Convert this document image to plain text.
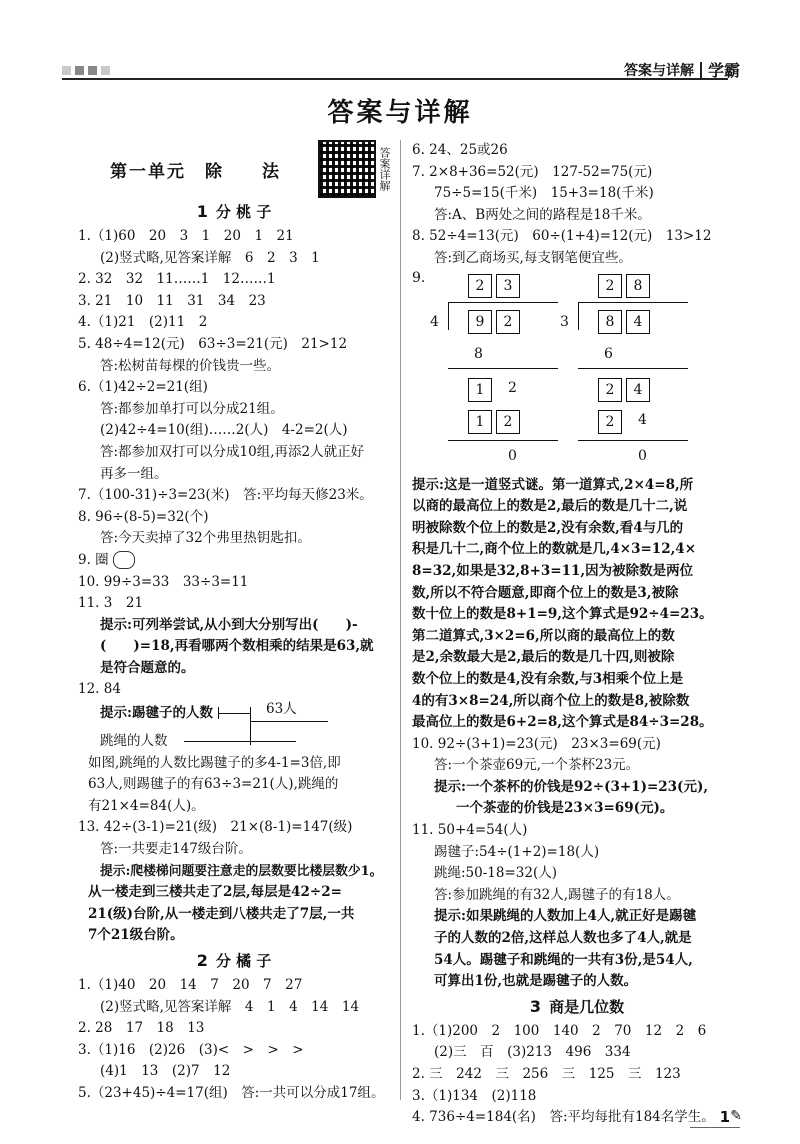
答案与详解 学霸
答案与详解
第一单元　除　　法	答案详解
1 分 桃 子
1.（1)60　20　3　1　20　1　21
(2)竖式略,见答案详解　6　2　3　1
2. 32　32　11……1　12……1
3. 21　10　11　31　34　23
4.（1)21　(2)11　2
5. 48÷4=12(元)　63÷3=21(元)　21>12
答:松树苗每棵的价钱贵一些。
6.（1)42÷2=21(组)
答:都参加单打可以分成21组。
(2)42÷4=10(组)……2(人)　4-2=2(人)
答:都参加双打可以分成10组,再添2人就正好
再多一组。
7.（100-31)÷3=23(米)　答:平均每天修23米。
8. 96÷(8-5)=32(个)
答:今天卖掉了32个弗里热钥匙扣。
9. 圈
10. 99÷3=33　33÷3=11
11. 3　21
提示:可列举尝试,从小到大分别写出(　　)-
(　　)=18,再看哪两个数相乘的结果是63,就
是符合题意的。
12. 84
提示:踢毽子的人数	63人
跳绳的人数
如图,跳绳的人数比踢毽子的多4-1=3倍,即
63人,则踢毽子的有63÷3=21(人),跳绳的
有21×4=84(人)。
13. 42÷(3-1)=21(级)　21×(8-1)=147(级)
答:一共要走147级台阶。
提示:爬楼梯问题要注意走的层数要比楼层数少1。
从一楼走到三楼共走了2层,每层是42÷2=
21(级)台阶,从一楼走到八楼共走了7层,一共
7个21级台阶。
2 分 橘 子
1.（1)40　20　14　7　20　7　27
(2)竖式略,见答案详解　4　1　4　14　14
2. 28　17　18　13
3.（1)16　(2)26　(3)<　>　>　>
(4)1　13　(2)7　12
5.（23+45)÷4=17(组)　答:一共可以分成17组。
6. 24、25或26
7. 2×8+36=52(元)　127-52=75(元)
75÷5=15(千米)　15+3=18(千米)
答:A、B两处之间的路程是18千米。
8. 52÷4=13(元)　60÷(1+4)=12(元)　13>12
答:到乙商场买,每支钢笔便宜些。
9.	2	3
4	9	2
8
1	2
1	2
0
2	8
3	8	4
6
2	4
2	4
0
提示:这是一道竖式谜。第一道算式,2×4=8,所
以商的最高位上的数是2,最后的数是几十二,说
明被除数个位上的数是2,没有余数,看4与几的
积是几十二,商个位上的数就是几,4×3=12,4×
8=32,如果是32,8+3=11,因为被除数是两位
数,所以不符合题意,即商个位上的数是3,被除
数十位上的数是8+1=9,这个算式是92÷4=23。
第二道算式,3×2=6,所以商的最高位上的数
是2,余数最大是2,最后的数是几十四,则被除
数个位上的数是4,没有余数,与3相乘个位上是
4的有3×8=24,所以商个位上的数是8,被除数
最高位上的数是6+2=8,这个算式是84÷3=28。
10. 92÷(3+1)=23(元)　23×3=69(元)
答:一个茶壶69元,一个茶杯23元。
提示:一个茶杯的价钱是92÷(3+1)=23(元),
一个茶壶的价钱是23×3=69(元)。
11. 50+4=54(人)
踢毽子:54÷(1+2)=18(人)
跳绳:50-18=32(人)
答:参加跳绳的有32人,踢毽子的有18人。
提示:如果跳绳的人数加上4人,就正好是踢毽
子的人数的2倍,这样总人数也多了4人,就是
54人。踢毽子和跳绳的一共有3份,是54人,
可算出1份,也就是踢毽子的人数。
3 商是几位数
1.（1)200　2　100　140　2　70　12　2　6
(2)三　百　(3)213　496　334
2. 三　242　三　256　三　125　三　123
3.（1)134　(2)118
4. 736÷4=184(名)　答:平均每批有184名学生。 1 ✎
